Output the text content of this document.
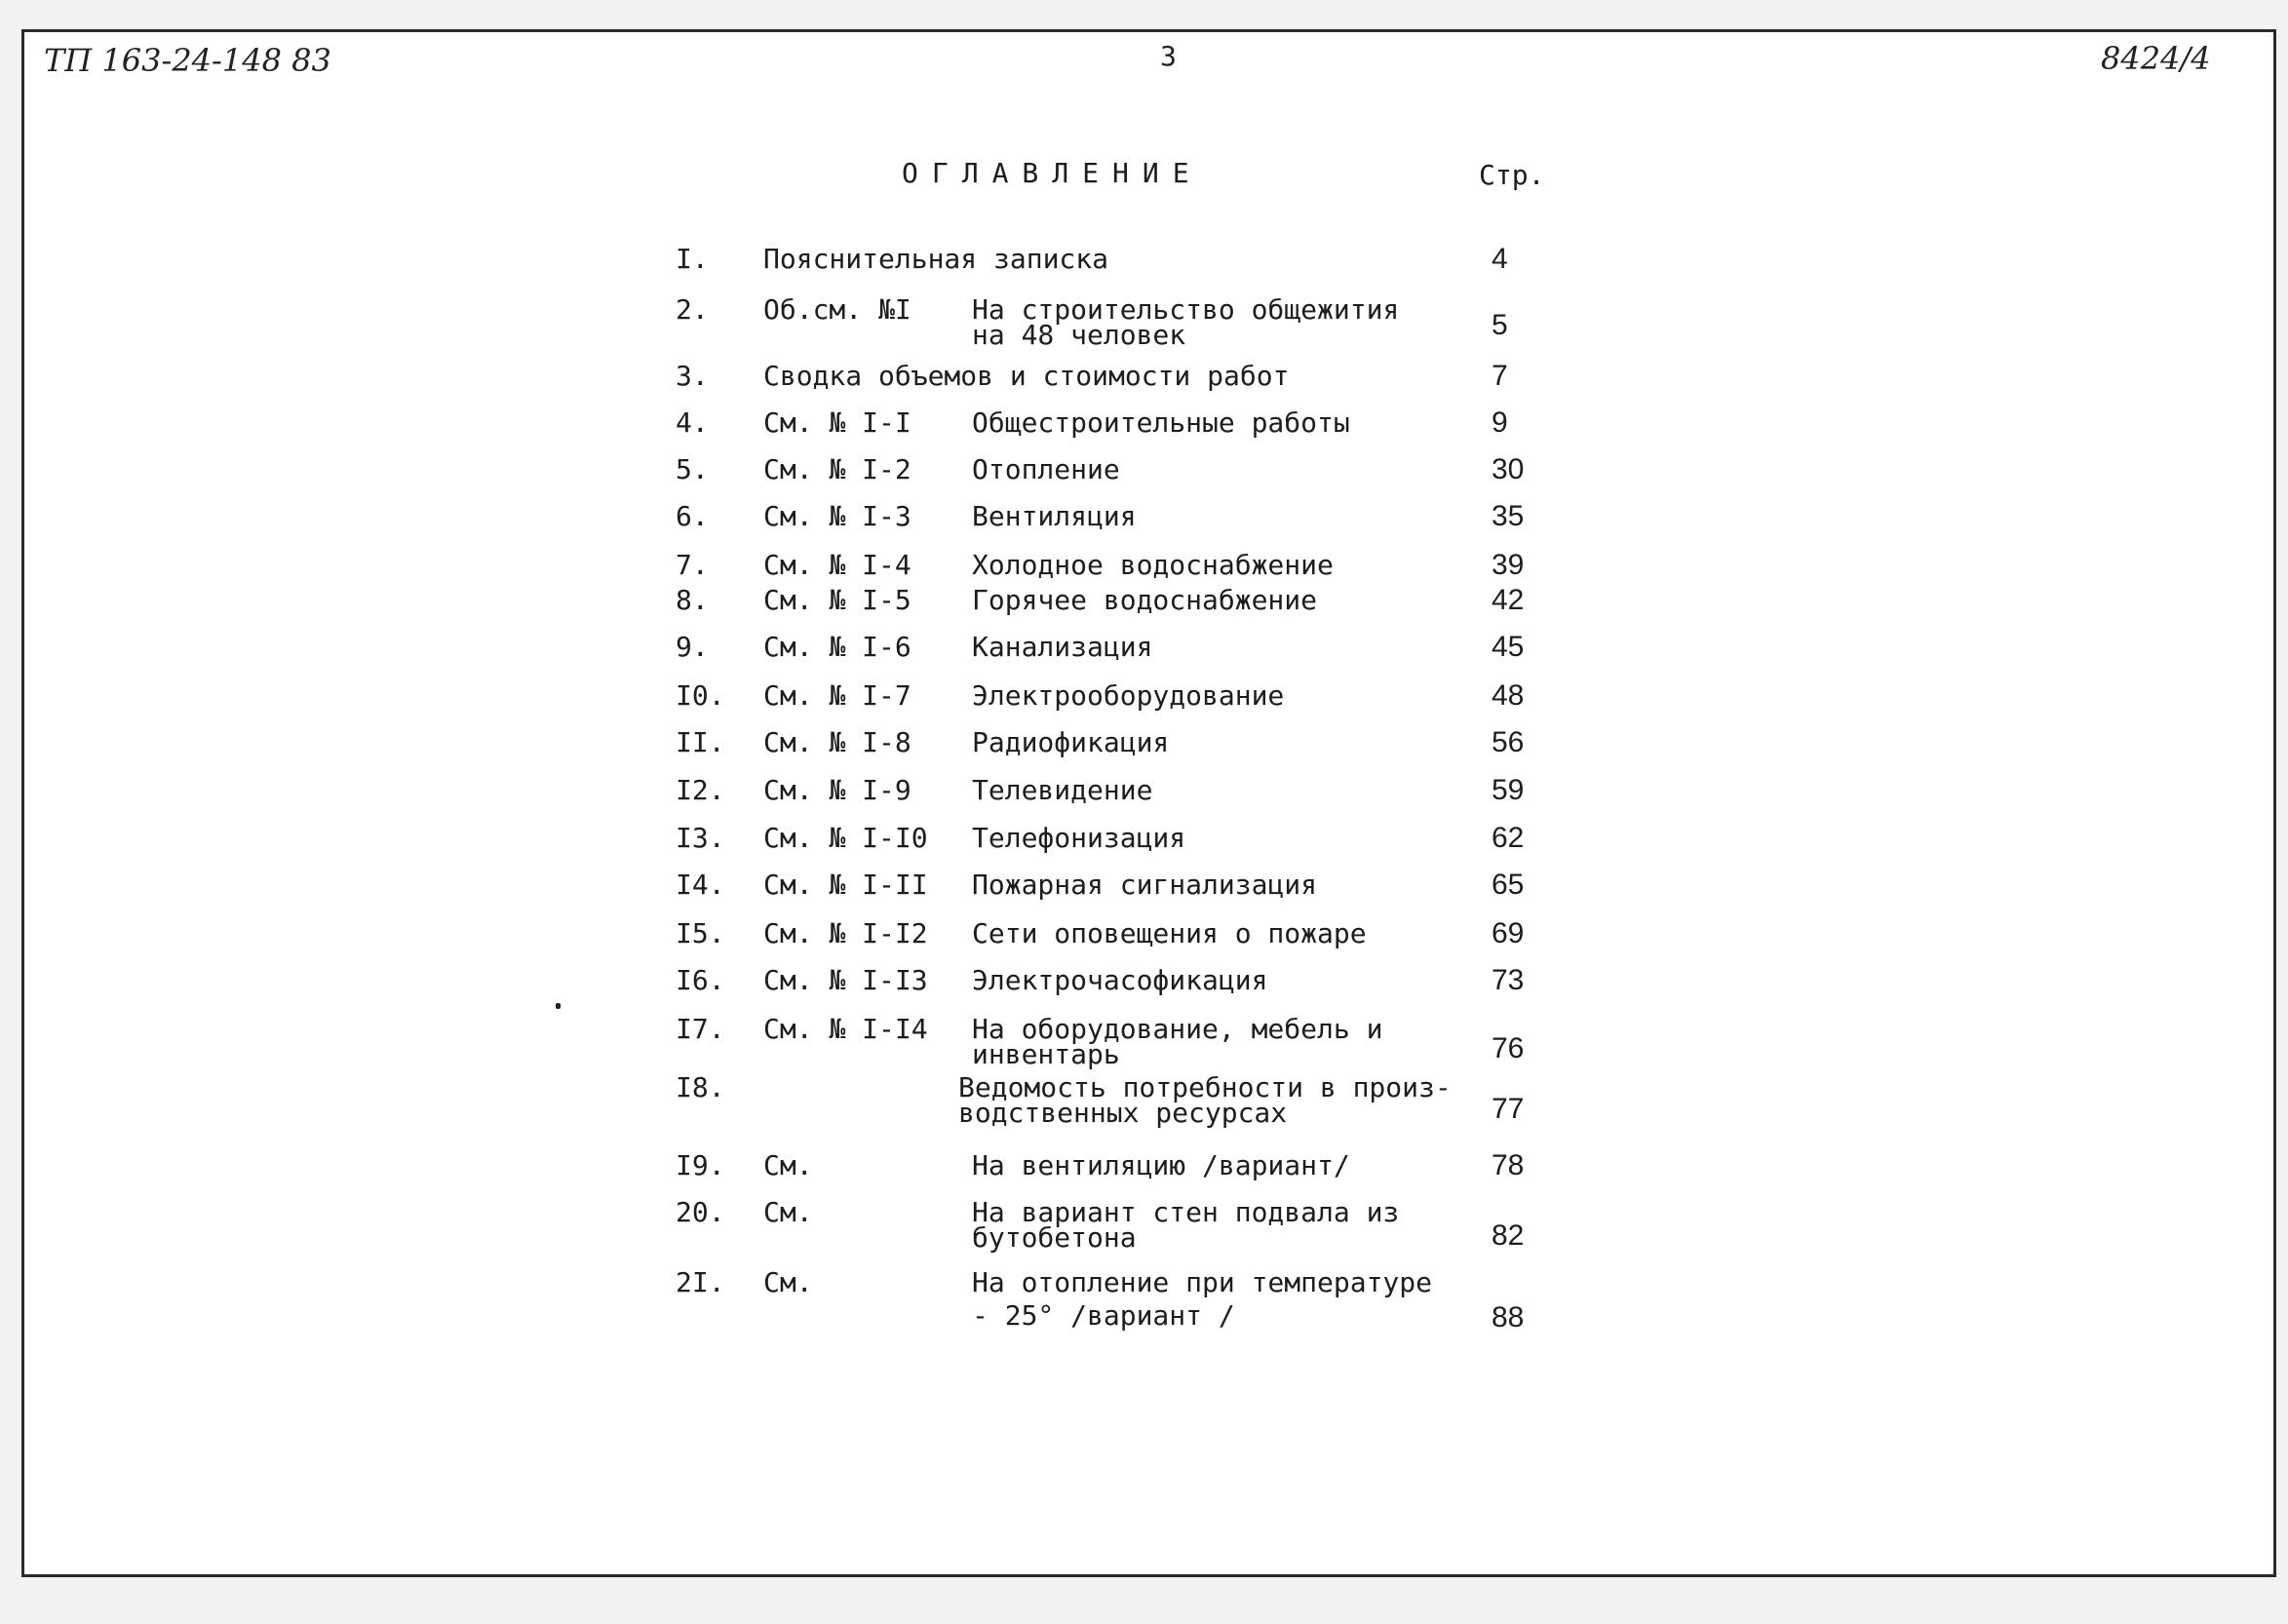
ТП 163-24-148 83	3	8424/4
ОГЛАВЛЕНИЕ	Стр.
I. Пояснительная записка	4
2. Об.см. №I На строительство общежития
на 48 человек	5
3. Сводка объемов и стоимости работ	7
4. См. № I-I Общестроительные работы	9
5. См. № I-2 Отопление	30
6. См. № I-3 Вентиляция	35
7. См. № I-4 Холодное водоснабжение	39
8. См. № I-5 Горячее водоснабжение	42
9. См. № I-6 Канализация	45
I0. См. № I-7 Электрооборудование	48
II. См. № I-8 Радиофикация	56
I2. См. № I-9 Телевидение	59
I3. См. № I-I0 Телефонизация	62
I4. См. № I-II Пожарная сигнализация	65
I5. См. № I-I2 Сети оповещения о пожаре	69
I6. См. № I-I3 Электрочасофикация	73
I7. См. № I-I4 На оборудование, мебель и
инвентарь	76
I8.	Ведомость потребности в произ-
водственных ресурсах	77
I9. См.	На вентиляцию /вариант/	78
20. См.	На вариант стен подвала из
бутобетона	82
2I. См.	На отопление при температуре
- 25° /вариант /	88
